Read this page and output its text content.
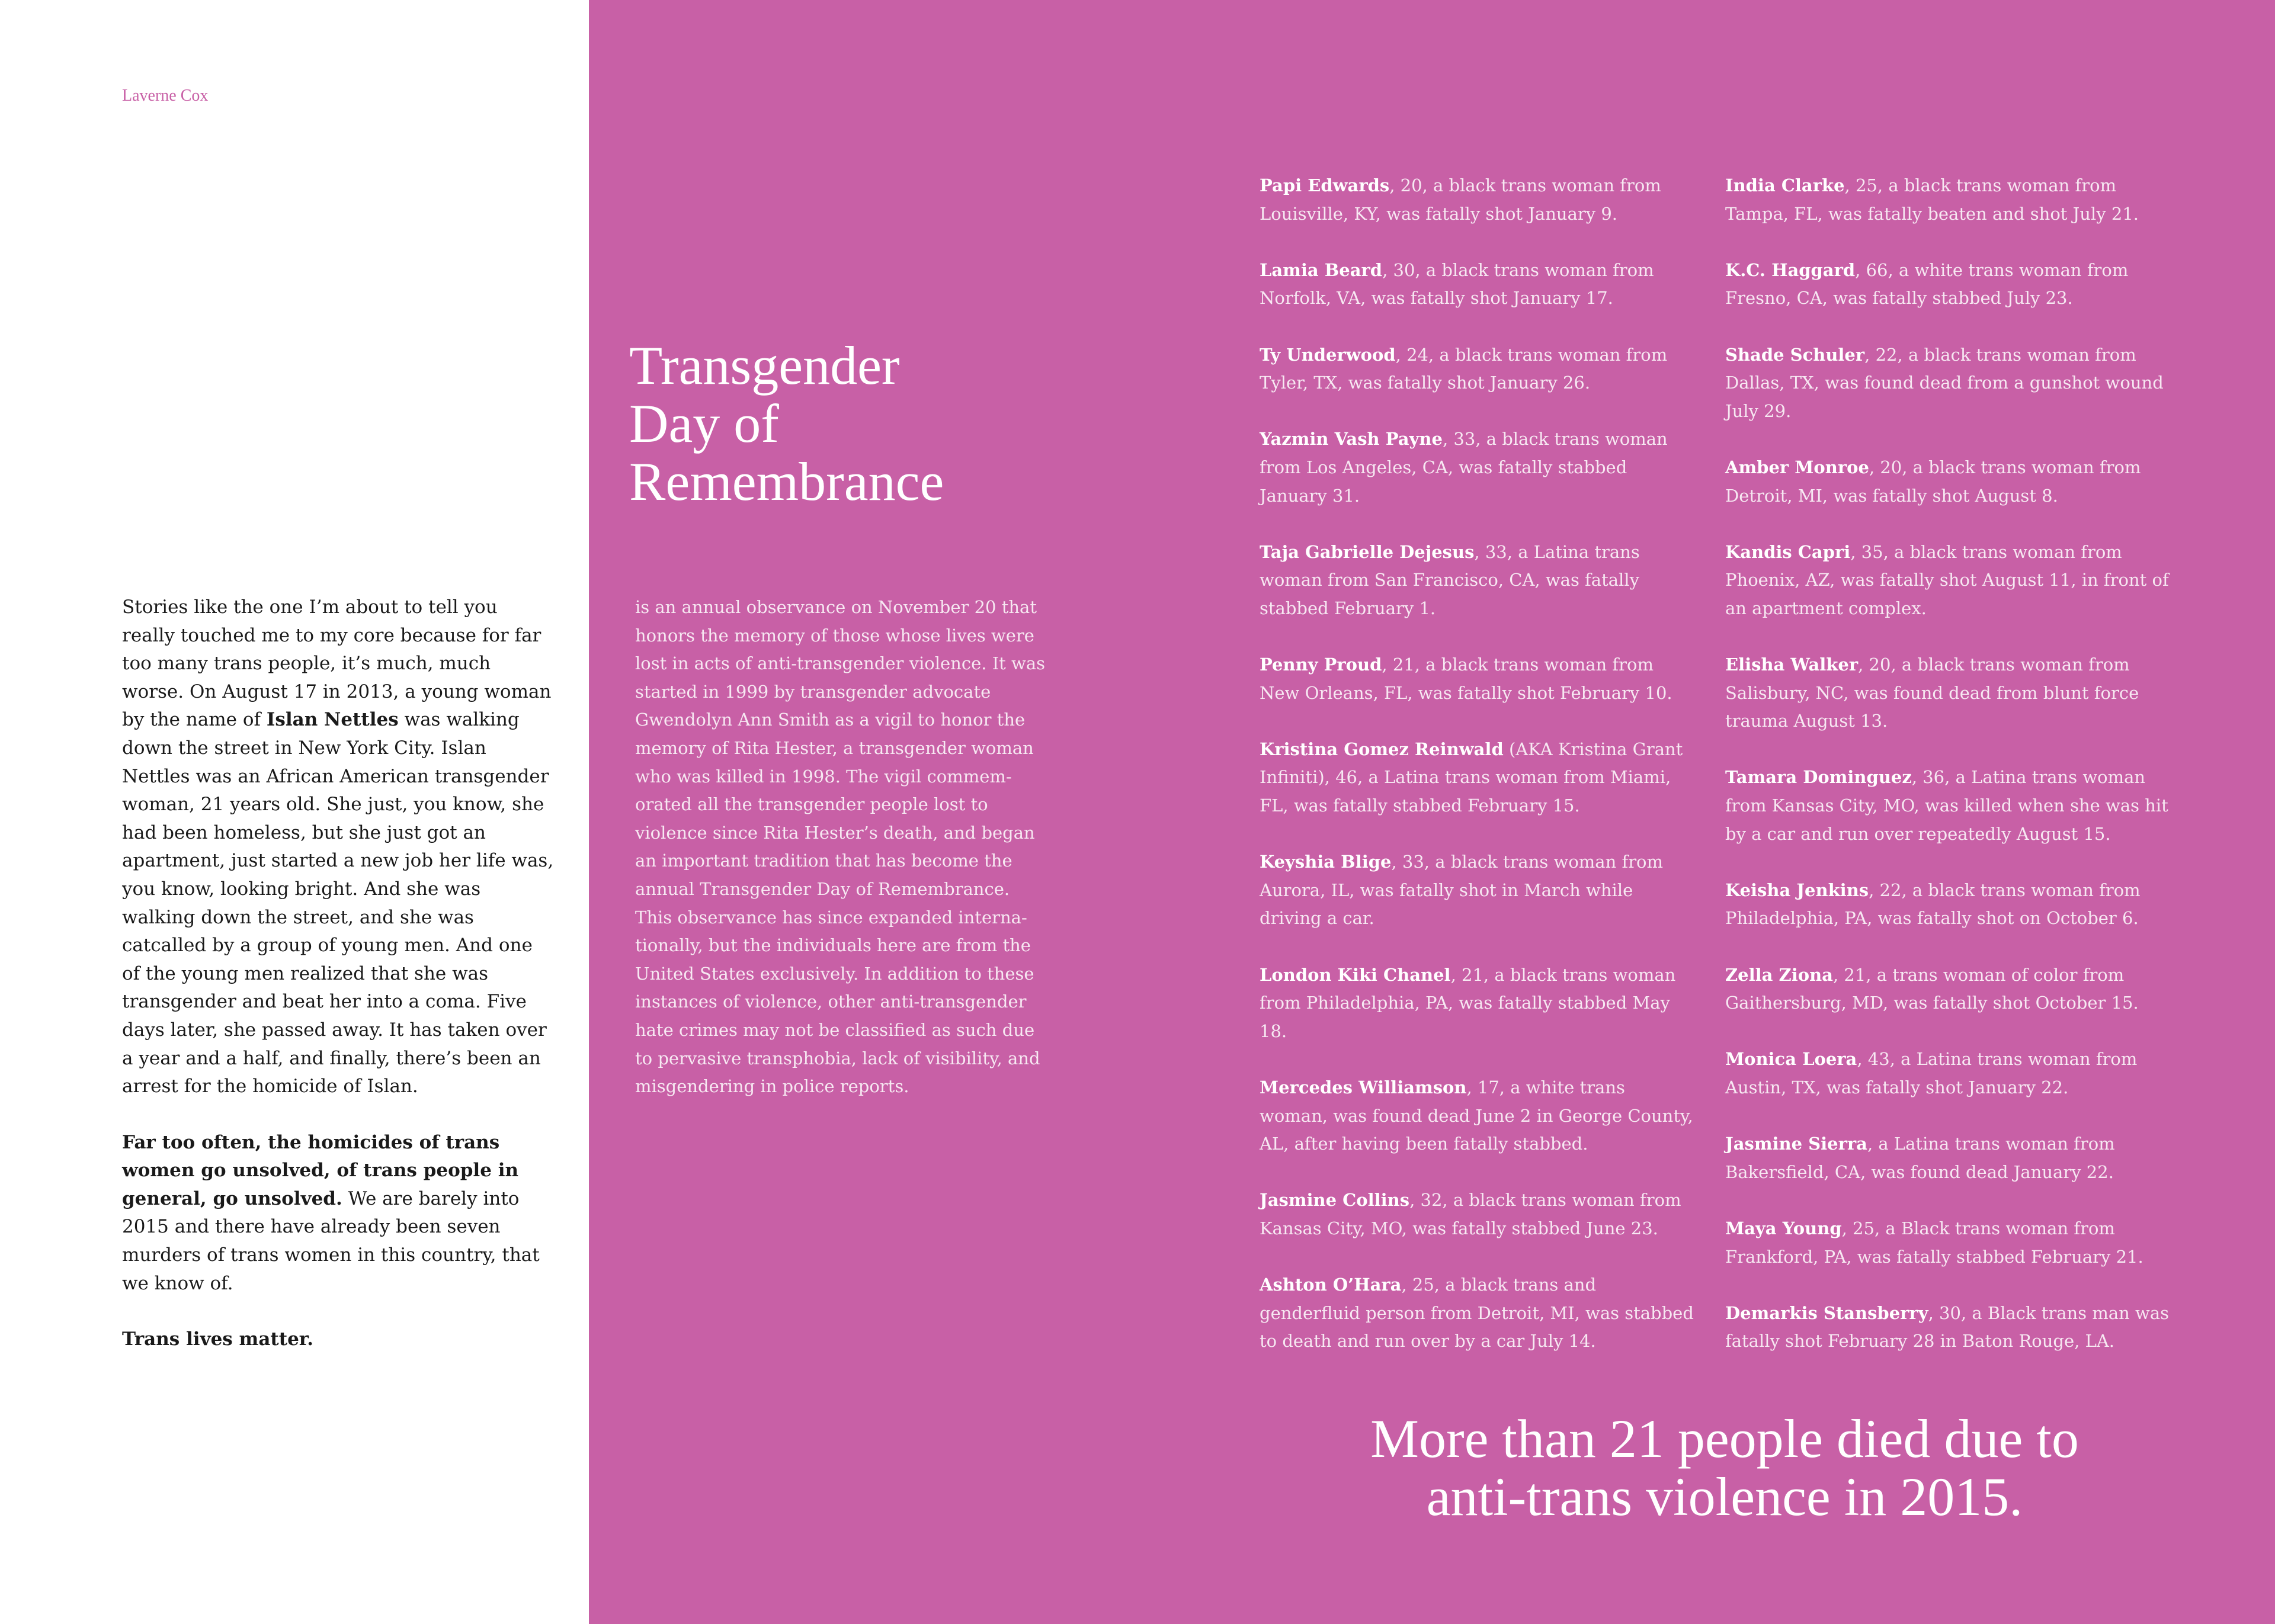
Laverne Cox

Stories like the one I’m about to tell you really touched me to my core because for far too many trans people, it’s much, much worse. On August 17 in 2013, a young woman by the name of Islan Nettles was walking down the street in New York City. Islan Nettles was an African American transgender woman, 21 years old. She just, you know, she had been homeless, but she just got an apartment, just started a new job her life was, you know, looking bright. And she was walking down the street, and she was catcalled by a group of young men. And one of the young men realized that she was transgender and beat her into a coma. Five days later, she passed away. It has taken over a year and a half, and finally, there’s been an arrest for the homicide of Islan.

Far too often, the homicides of trans women go unsolved, of trans people in general, go unsolved. We are barely into 2015 and there have already been seven murders of trans women in this country, that we know of.

Trans lives matter.

Transgender
Day of
Remembrance
is an annual observance on November 20 that honors the memory of those whose lives were lost in acts of anti-transgender violence. It was started in 1999 by transgender advocate Gwendolyn Ann Smith as a vigil to honor the memory of Rita Hester, a transgender woman who was killed in 1998. The vigil commem-orated all the transgender people lost to violence since Rita Hester’s death, and began an important tradition that has become the annual Transgender Day of Remembrance. This observance has since expanded interna-tionally, but the individuals here are from the United States exclusively. In addition to these instances of violence, other anti-transgender hate crimes may not be classified as such due to pervasive transphobia, lack of visibility, and misgendering in police reports.
Papi Edwards, 20, a black trans woman from Louisville, KY, was fatally shot January 9.
Lamia Beard, 30, a black trans woman from Norfolk, VA, was fatally shot January 17.
Ty Underwood, 24, a black trans woman from Tyler, TX, was fatally shot January 26.
Yazmin Vash Payne, 33, a black trans woman from Los Angeles, CA, was fatally stabbed January 31.
Taja Gabrielle Dejesus, 33, a Latina trans woman from San Francisco, CA, was fatally stabbed February 1.
Penny Proud, 21, a black trans woman from New Orleans, FL, was fatally shot February 10.
Kristina Gomez Reinwald (AKA Kristina Grant Infiniti), 46, a Latina trans woman from Miami, FL, was fatally stabbed February 15.
Keyshia Blige, 33, a black trans woman from Aurora, IL, was fatally shot in March while driving a car.
London Kiki Chanel, 21, a black trans woman from Philadelphia, PA, was fatally stabbed May 18.
Mercedes Williamson, 17, a white trans woman, was found dead June 2 in George County, AL, after having been fatally stabbed.
Jasmine Collins, 32, a black trans woman from Kansas City, MO, was fatally stabbed June 23.
Ashton O’Hara, 25, a black trans and genderfluid person from Detroit, MI, was stabbed to death and run over by a car July 14.
India Clarke, 25, a black trans woman from Tampa, FL, was fatally beaten and shot July 21.
K.C. Haggard, 66, a white trans woman from Fresno, CA, was fatally stabbed July 23.
Shade Schuler, 22, a black trans woman from Dallas, TX, was found dead from a gunshot wound July 29.
Amber Monroe, 20, a black trans woman from Detroit, MI, was fatally shot August 8.
Kandis Capri, 35, a black trans woman from Phoenix, AZ, was fatally shot August 11, in front of an apartment complex.
Elisha Walker, 20, a black trans woman from Salisbury, NC, was found dead from blunt force trauma August 13.
Tamara Dominguez, 36, a Latina trans woman from Kansas City, MO, was killed when she was hit by a car and run over repeatedly August 15.
Keisha Jenkins, 22, a black trans woman from Philadelphia, PA, was fatally shot on October 6.
Zella Ziona, 21, a trans woman of color from Gaithersburg, MD, was fatally shot October 15.
Monica Loera, 43, a Latina trans woman from Austin, TX, was fatally shot January 22.
Jasmine Sierra, a Latina trans woman from Bakersfield, CA, was found dead January 22.
Maya Young, 25, a Black trans woman from Frankford, PA, was fatally stabbed February 21.
Demarkis Stansberry, 30, a Black trans man was fatally shot February 28 in Baton Rouge, LA.
More than 21 people died due to
anti-trans violence in 2015.
